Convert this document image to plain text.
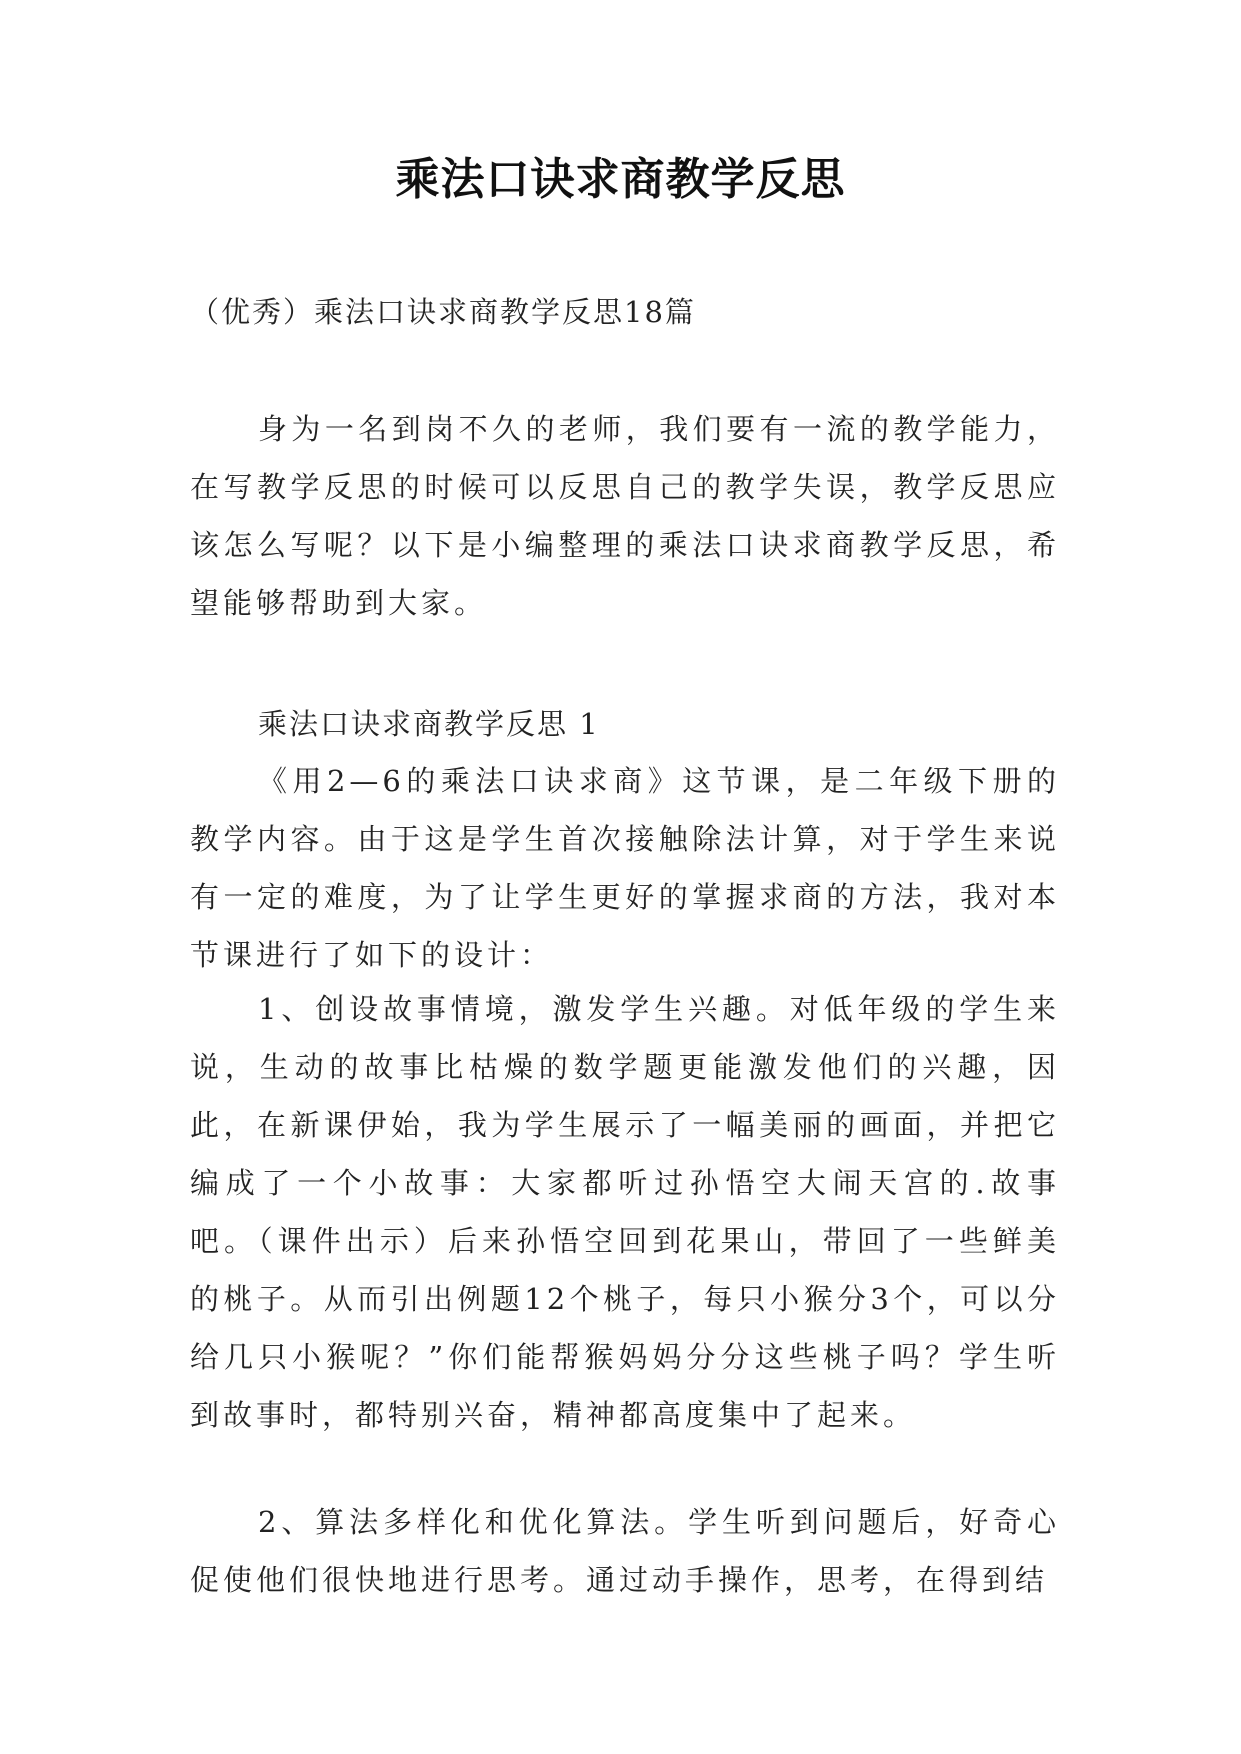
乘法口诀求商教学反思
（优秀）乘法口诀求商教学反思18篇

身为一名到岗不久的老师，我们要有一流的教学能力，在写教学反思的时候可以反思自己的教学失误，教学反思应该怎么写呢？以下是小编整理的乘法口诀求商教学反思，希望能够帮助到大家。

乘法口诀求商教学反思 1

《用2—6的乘法口诀求商》这节课，是二年级下册的教学内容。由于这是学生首次接触除法计算，对于学生来说有一定的难度，为了让学生更好的掌握求商的方法，我对本节课进行了如下的设计：

1、创设故事情境，激发学生兴趣。对低年级的学生来说，生动的故事比枯燥的数学题更能激发他们的兴趣，因此，在新课伊始，我为学生展示了一幅美丽的画面，并把它编成了一个小故事：大家都听过孙悟空大闹天宫的.故事吧。（课件出示）后来孙悟空回到花果山，带回了一些鲜美的桃子。从而引出例题12个桃子，每只小猴分3个，可以分给几只小猴呢？”你们能帮猴妈妈分分这些桃子吗？学生听到故事时，都特别兴奋，精神都高度集中了起来。

2、算法多样化和优化算法。学生听到问题后，好奇心促使他们很快地进行思考。通过动手操作，思考，在得到结
